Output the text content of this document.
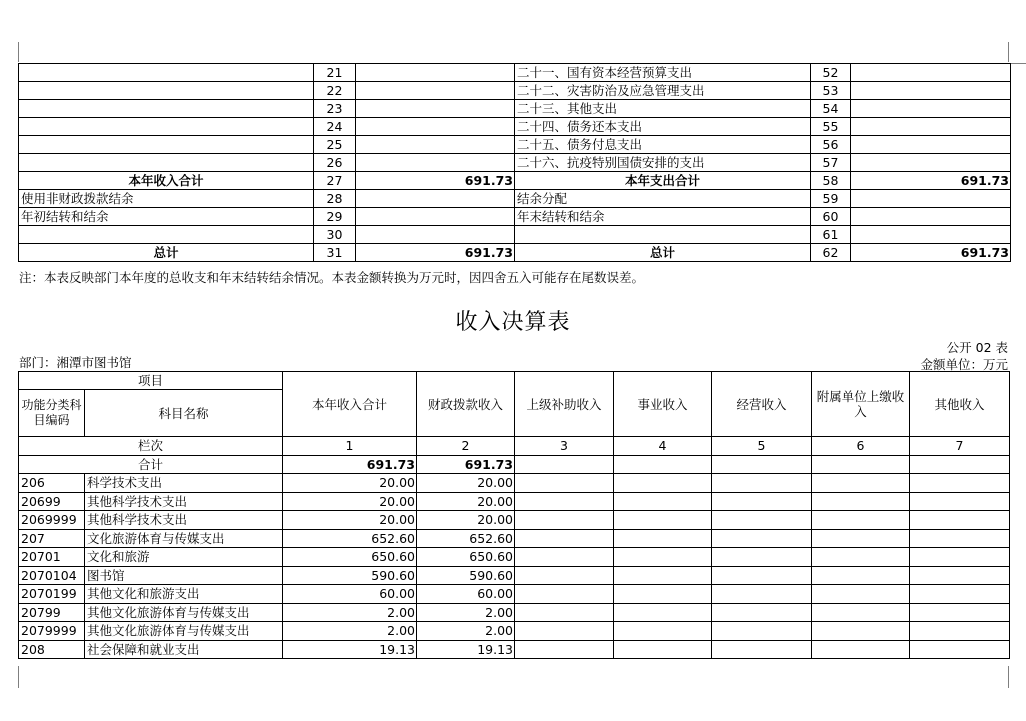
	21		二十一、国有资本经营预算支出	52	
	22		二十二、灾害防治及应急管理支出	53	
	23		二十三、其他支出	54	
	24		二十四、债务还本支出	55	
	25		二十五、债务付息支出	56	
	26		二十六、抗疫特别国债安排的支出	57	
本年收入合计	27	691.73	本年支出合计	58	691.73
使用非财政拨款结余	28		结余分配	59	
年初结转和结余	29		年末结转和结余	60	
	30			61	
总计	31	691.73	总计	62	691.73
注：本表反映部门本年度的总收支和年末结转结余情况。本表金额转换为万元时，因四舍五入可能存在尾数误差。
收入决算表
公开 02 表
部门：湘潭市图书馆	金额单位：万元
项目		本年收入合计	财政拨款收入	上级补助收入	事业收入	经营收入	附属单位上缴收入	其他收入
功能分类科目编码	科目名称							

栏次		1	2	3	4	5	6	7
合计		691.73	691.73					
206	科学技术支出	20.00	20.00					
20699	其他科学技术支出	20.00	20.00					
2069999	其他科学技术支出	20.00	20.00					
207	文化旅游体育与传媒支出	652.60	652.60					
20701	文化和旅游	650.60	650.60					
2070104	图书馆	590.60	590.60					
2070199	其他文化和旅游支出	60.00	60.00					
20799	其他文化旅游体育与传媒支出	2.00	2.00					
2079999	其他文化旅游体育与传媒支出	2.00	2.00					
208	社会保障和就业支出	19.13	19.13					
